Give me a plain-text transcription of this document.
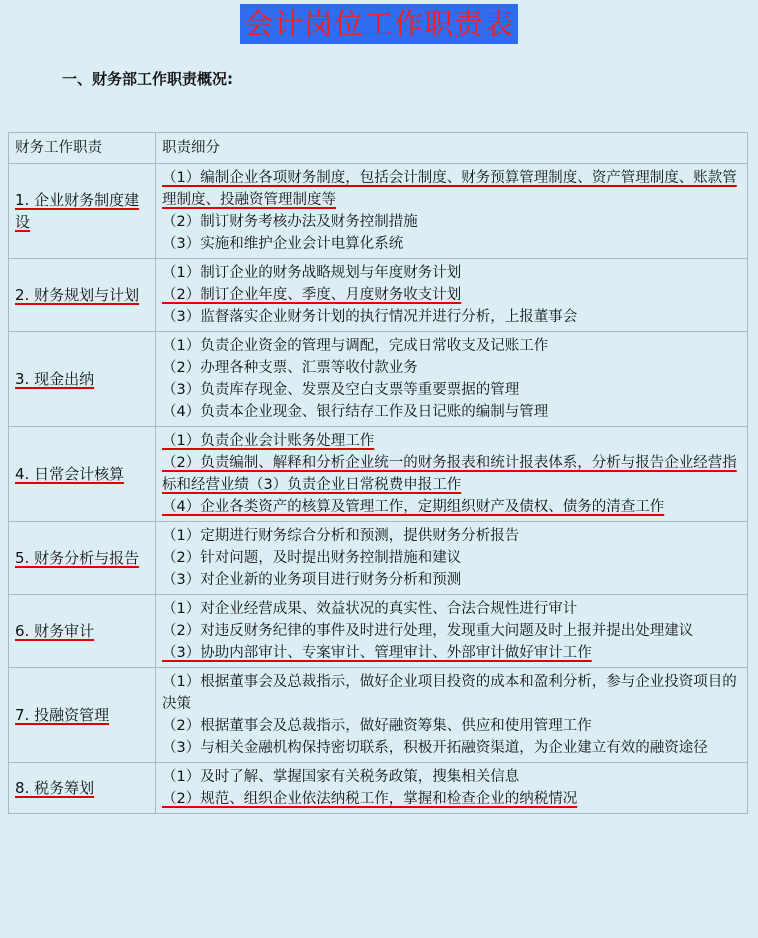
会计岗位工作职责表
一、财务部工作职责概况:
财务工作职责	职责细分
1. 企业财务制度建设	（1）编制企业各项财务制度，包括会计制度、财务预算管理制度、资产管理制度、账款管理制度、投融资管理制度等
（2）制订财务考核办法及财务控制措施
（3）实施和维护企业会计电算化系统

2. 财务规划与计划	（1）制订企业的财务战略规划与年度财务计划
（2）制订企业年度、季度、月度财务收支计划
（3）监督落实企业财务计划的执行情况并进行分析，上报董事会

3. 现金出纳	（1）负责企业资金的管理与调配，完成日常收支及记账工作
（2）办理各种支票、汇票等收付款业务
（3）负责库存现金、发票及空白支票等重要票据的管理
（4）负责本企业现金、银行结存工作及日记账的编制与管理

4. 日常会计核算	（1）负责企业会计账务处理工作
（2）负责编制、解释和分析企业统一的财务报表和统计报表体系，分析与报告企业经营指标和经营业绩（3）负责企业日常税费申报工作
（4）企业各类资产的核算及管理工作，定期组织财产及债权、债务的清查工作

5. 财务分析与报告	（1）定期进行财务综合分析和预测，提供财务分析报告
（2）针对问题，及时提出财务控制措施和建议
（3）对企业新的业务项目进行财务分析和预测

6. 财务审计	（1）对企业经营成果、效益状况的真实性、合法合规性进行审计
（2）对违反财务纪律的事件及时进行处理，发现重大问题及时上报并提出处理建议
（3）协助内部审计、专案审计、管理审计、外部审计做好审计工作

7. 投融资管理	（1）根据董事会及总裁指示，做好企业项目投资的成本和盈利分析，参与企业投资项目的决策
（2）根据董事会及总裁指示，做好融资筹集、供应和使用管理工作
（3）与相关金融机构保持密切联系，积极开拓融资渠道，为企业建立有效的融资途径

8. 税务筹划	（1）及时了解、掌握国家有关税务政策，搜集相关信息
（2）规范、组织企业依法纳税工作，掌握和检查企业的纳税情况
